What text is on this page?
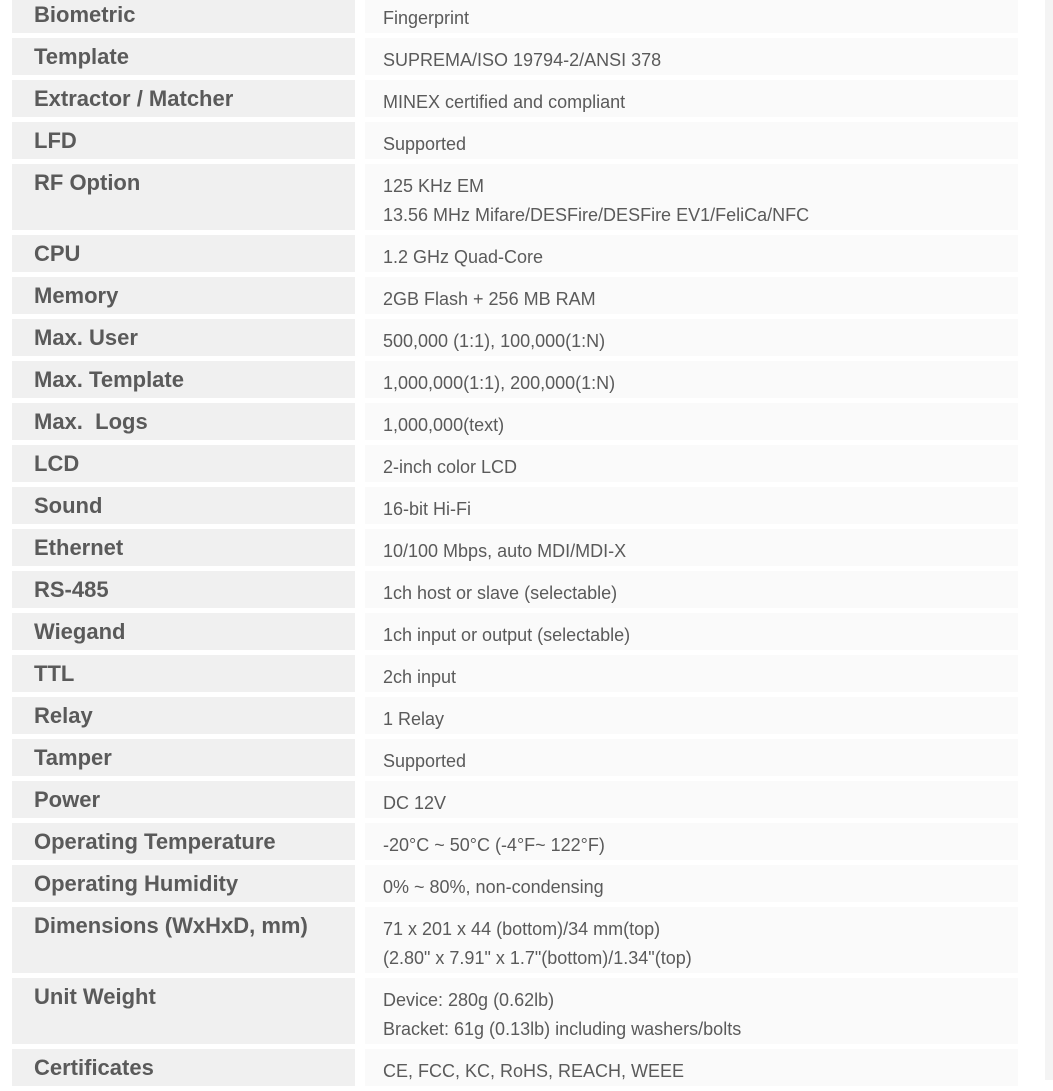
Biometric	Fingerprint
Template	SUPREMA/ISO 19794-2/ANSI 378
Extractor / Matcher	MINEX certified and compliant
LFD	Supported
RF Option	125 KHz EM
13.56 MHz Mifare/DESFire/DESFire EV1/FeliCa/NFC
CPU	1.2 GHz Quad-Core
Memory	2GB Flash + 256 MB RAM
Max. User	500,000 (1:1), 100,000(1:N)
Max. Template	1,000,000(1:1), 200,000(1:N)
Max.  Logs	1,000,000(text)
LCD	2-inch color LCD
Sound	16-bit Hi-Fi
Ethernet	10/100 Mbps, auto MDI/MDI-X
RS-485	1ch host or slave (selectable)
Wiegand	1ch input or output (selectable)
TTL	2ch input
Relay	1 Relay
Tamper	Supported
Power	DC 12V
Operating Temperature	-20°C ~ 50°C (-4°F~ 122°F)
Operating Humidity	0% ~ 80%, non-condensing
Dimensions (WxHxD, mm)	71 x 201 x 44 (bottom)/34 mm(top)
(2.80" x 7.91" x 1.7"(bottom)/1.34"(top)
Unit Weight	Device: 280g (0.62lb)
Bracket: 61g (0.13lb) including washers/bolts
Certificates	CE, FCC, KC, RoHS, REACH, WEEE
